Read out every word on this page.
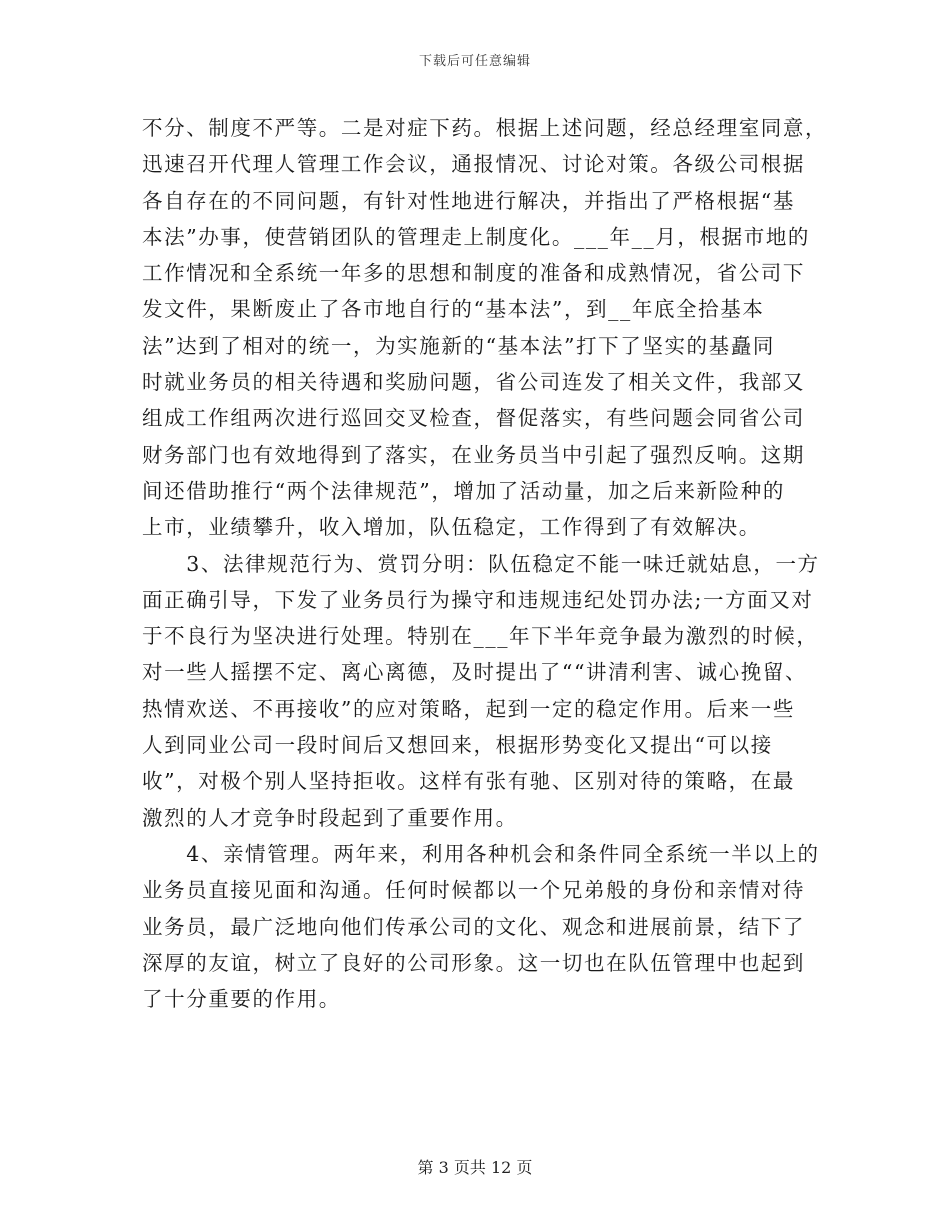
下载后可任意编辑
不分、制度不严等。二是对症下药。根据上述问题，经总经理室同意，
迅速召开代理人管理工作会议，通报情况、讨论对策。各级公司根据
各自存在的不同问题，有针对性地进行解决，并指出了严格根据“基
本法”办事，使营销团队的管理走上制度化。___年__月，根据市地的
工作情况和全系统一年多的思想和制度的准备和成熟情况，省公司下
发文件，果断废止了各市地自行的“基本法”，到__年底全拾基本
法”达到了相对的统一，为实施新的“基本法”打下了坚实的基矗同
时就业务员的相关待遇和奖励问题，省公司连发了相关文件，我部又
组成工作组两次进行巡回交叉检查，督促落实，有些问题会同省公司
财务部门也有效地得到了落实，在业务员当中引起了强烈反响。这期
间还借助推行“两个法律规范”，增加了活动量，加之后来新险种的
上市，业绩攀升，收入增加，队伍稳定，工作得到了有效解决。
　　3、法律规范行为、赏罚分明：队伍稳定不能一味迁就姑息，一方
面正确引导，下发了业务员行为操守和违规违纪处罚办法;一方面又对
于不良行为坚决进行处理。特别在___年下半年竞争最为激烈的时候，
对一些人摇摆不定、离心离德，及时提出了““讲清利害、诚心挽留、
热情欢送、不再接收”的应对策略，起到一定的稳定作用。后来一些
人到同业公司一段时间后又想回来，根据形势变化又提出“可以接
收”，对极个别人坚持拒收。这样有张有驰、区别对待的策略，在最
激烈的人才竞争时段起到了重要作用。
　　4、亲情管理。两年来，利用各种机会和条件同全系统一半以上的
业务员直接见面和沟通。任何时候都以一个兄弟般的身份和亲情对待
业务员，最广泛地向他们传承公司的文化、观念和进展前景，结下了
深厚的友谊，树立了良好的公司形象。这一切也在队伍管理中也起到
了十分重要的作用。
第 3 页共 12 页
